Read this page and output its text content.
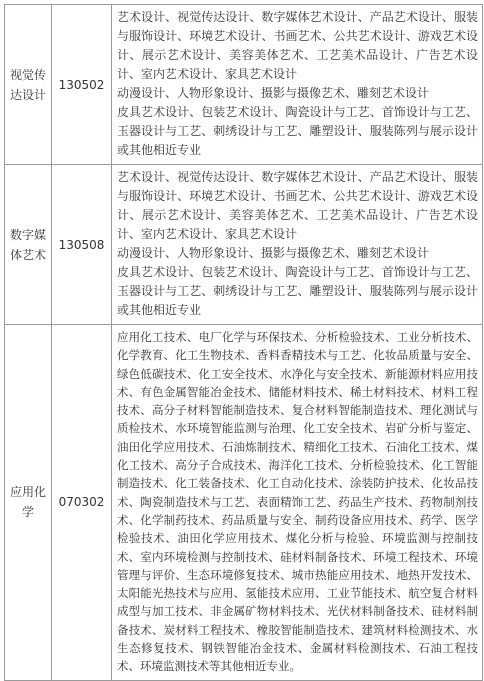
视觉传达设计	130502	艺术设计、视觉传达设计、数字媒体艺术设计、产品艺术设计、服装与服饰设计、环境艺术设计、书画艺术、公共艺术设计、游戏艺术设计、展示艺术设计、美容美体艺术、工艺美术品设计、广告艺术设计、室内艺术设计、家具艺术设计

动漫设计、人物形象设计、摄影与摄像艺术、雕刻艺术设计

皮具艺术设计、包装艺术设计、陶瓷设计与工艺、首饰设计与工艺、玉器设计与工艺、刺绣设计与工艺、雕塑设计、服装陈列与展示设计或其他相近专业

数字媒体艺术	130508	艺术设计、视觉传达设计、数字媒体艺术设计、产品艺术设计、服装与服饰设计、环境艺术设计、书画艺术、公共艺术设计、游戏艺术设计、展示艺术设计、美容美体艺术、工艺美术品设计、广告艺术设计、室内艺术设计、家具艺术设计

动漫设计、人物形象设计、摄影与摄像艺术、雕刻艺术设计

皮具艺术设计、包装艺术设计、陶瓷设计与工艺、首饰设计与工艺、玉器设计与工艺、刺绣设计与工艺、雕塑设计、服装陈列与展示设计或其他相近专业

应用化学	070302	应用化工技术、电厂化学与环保技术、分析检验技术、工业分析技术、化学教育、化工生物技术、香料香精技术与工艺、化妆品质量与安全、绿色低碳技术、化工安全技术、水净化与安全技术、新能源材料应用技术、有色金属智能冶金技术、储能材料技术、稀土材料技术、材料工程技术、高分子材料智能制造技术、复合材料智能制造技术、理化测试与质检技术、水环境智能监测与治理、化工安全技术、岩矿分析与鉴定、油田化学应用技术、石油炼制技术、精细化工技术、石油化工技术、煤化工技术、高分子合成技术、海洋化工技术、分析检验技术、化工智能制造技术、化工装备技术、化工自动化技术、涂装防护技术、化妆品技术、陶瓷制造技术与工艺、表面精饰工艺、药品生产技术、药物制剂技术、化学制药技术、药品质量与安全、制药设备应用技术、药学、医学检验技术、油田化学应用技术、煤化分析与检验、环境监测与控制技术、室内环境检测与控制技术、硅材料制备技术、环境工程技术、环境管理与评价、生态环境修复技术、城市热能应用技术、地热开发技术、太阳能光热技术与应用、氢能技术应用、工业节能技术、航空复合材料成型与加工技术、非金属矿物材料技术、光伏材料制备技术、硅材料制备技术、炭材料工程技术、橡胶智能制造技术、建筑材料检测技术、水生态修复技术、钢铁智能冶金技术、金属材料检测技术、石油工程技术、环境监测技术等其他相近专业。
